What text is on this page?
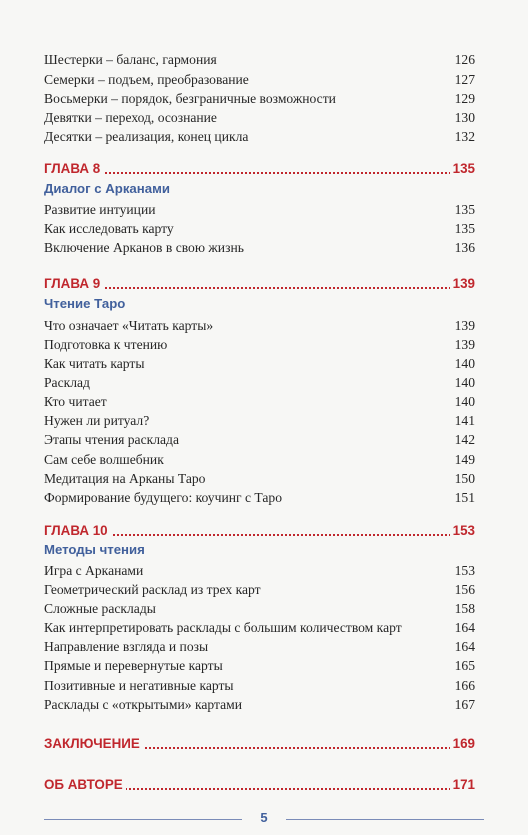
Шестерки – баланс, гармония	126
Семерки – подъем, преобразование	127
Восьмерки – порядок, безграничные возможности	129
Девятки – переход, осознание	130
Десятки – реализация, конец цикла	132
ГЛАВА 8	135
Диалог с Арканами
Развитие интуиции	135
Как исследовать карту	135
Включение Арканов в свою жизнь	136
ГЛАВА 9	139
Чтение Таро
Что означает «Читать карты»	139
Подготовка к чтению	139
Как читать карты	140
Расклад	140
Кто читает	140
Нужен ли ритуал?	141
Этапы чтения расклада	142
Сам себе волшебник	149
Медитация на Арканы Таро	150
Формирование будущего: коучинг с Таро	151
ГЛАВА 10	153
Методы чтения
Игра с Арканами	153
Геометрический расклад из трех карт	156
Сложные расклады	158
Как интерпретировать расклады с большим количеством карт	164
Направление взгляда и позы	164
Прямые и перевернутые карты	165
Позитивные и негативные карты	166
Расклады с «открытыми» картами	167
ЗАКЛЮЧЕНИЕ	169
ОБ АВТОРЕ	171
5
